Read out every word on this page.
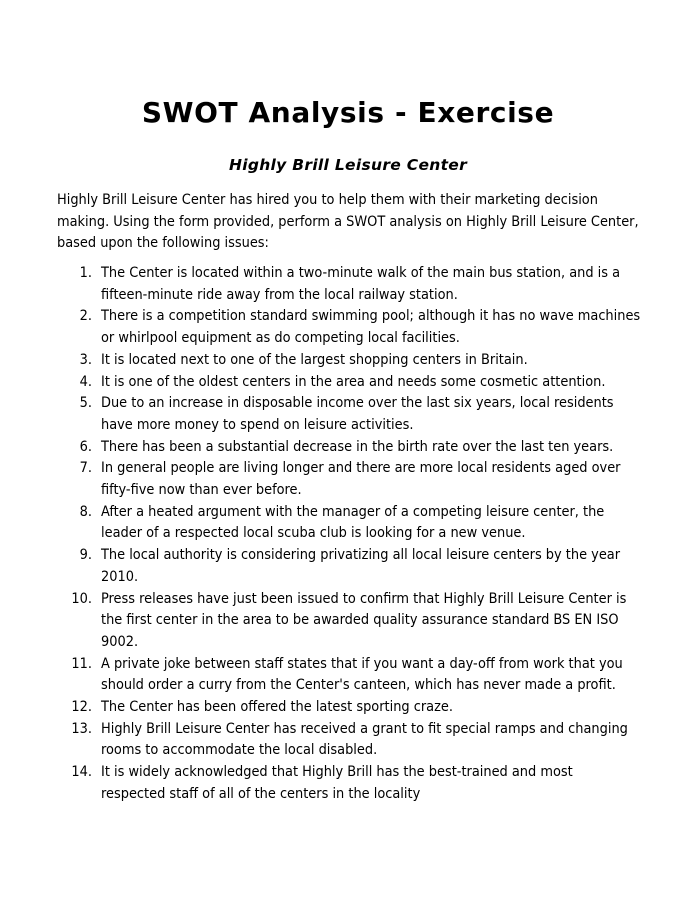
SWOT Analysis - Exercise
Highly Brill Leisure Center
Highly Brill Leisure Center has hired you to help them with their marketing decision making. Using the form provided, perform a SWOT analysis on Highly Brill Leisure Center, based upon the following issues:
1. The Center is located within a two-minute walk of the main bus station, and is a fifteen-minute ride away from the local railway station.
2. There is a competition standard swimming pool; although it has no wave machines or whirlpool equipment as do competing local facilities.
3. It is located next to one of the largest shopping centers in Britain.
4. It is one of the oldest centers in the area and needs some cosmetic attention.
5. Due to an increase in disposable income over the last six years, local residents have more money to spend on leisure activities.
6. There has been a substantial decrease in the birth rate over the last ten years.
7. In general people are living longer and there are more local residents aged over fifty-five now than ever before.
8. After a heated argument with the manager of a competing leisure center, the leader of a respected local scuba club is looking for a new venue.
9. The local authority is considering privatizing all local leisure centers by the year 2010.
10. Press releases have just been issued to confirm that Highly Brill Leisure Center is the first center in the area to be awarded quality assurance standard BS EN ISO 9002.
11. A private joke between staff states that if you want a day-off from work that you should order a curry from the Center's canteen, which has never made a profit.
12. The Center has been offered the latest sporting craze.
13. Highly Brill Leisure Center has received a grant to fit special ramps and changing rooms to accommodate the local disabled.
14. It is widely acknowledged that Highly Brill has the best-trained and most respected staff of all of the centers in the locality
